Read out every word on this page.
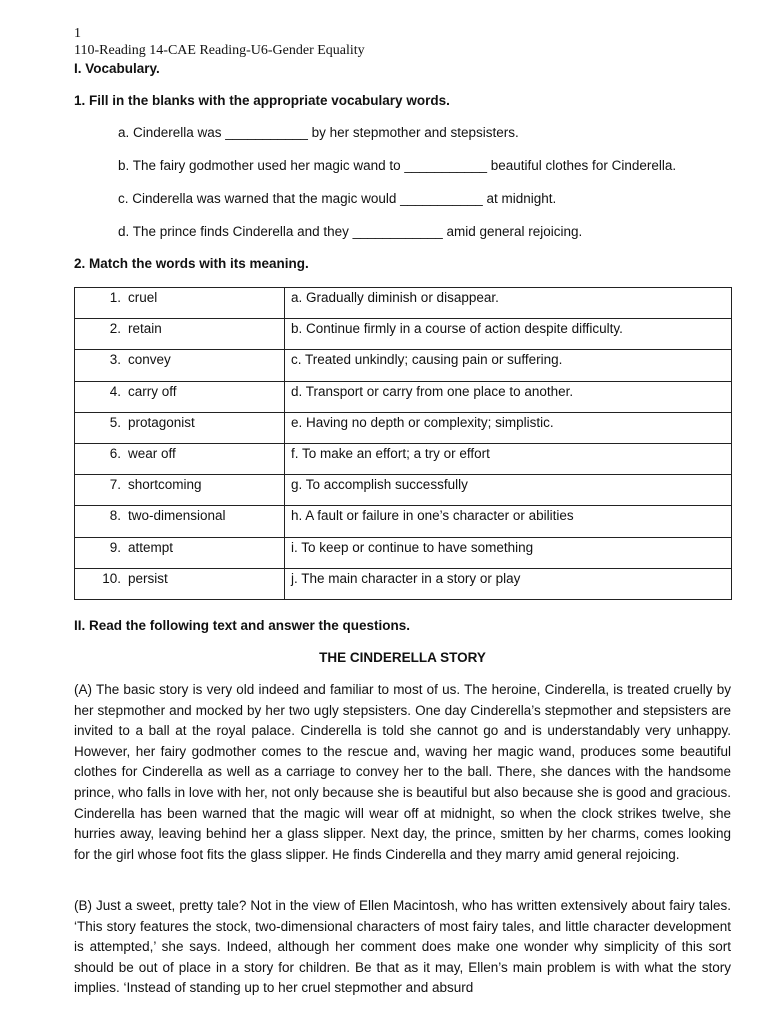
1
110-Reading 14-CAE Reading-U6-Gender Equality
I. Vocabulary.
1. Fill in the blanks with the appropriate vocabulary words.
a. Cinderella was ___________ by her stepmother and stepsisters.
b. The fairy godmother used her magic wand to ___________ beautiful clothes for Cinderella.
c. Cinderella was warned that the magic would ___________ at midnight.
d. The prince finds Cinderella and they ____________ amid general rejoicing.
2. Match the words with its meaning.
1. cruel	a. Gradually diminish or disappear.
2. retain	b. Continue firmly in a course of action despite difficulty.
3. convey	c. Treated unkindly; causing pain or suffering.
4. carry off	d. Transport or carry from one place to another.
5. protagonist	e. Having no depth or complexity; simplistic.
6. wear off	f. To make an effort; a try or effort
7. shortcoming	g. To accomplish successfully
8. two-dimensional	h. A fault or failure in one’s character or abilities
9. attempt	i. To keep or continue to have something
10. persist	j. The main character in a story or play
II. Read the following text and answer the questions.
THE CINDERELLA STORY
(A) The basic story is very old indeed and familiar to most of us. The heroine, Cinderella, is treated cruelly by her stepmother and mocked by her two ugly stepsisters. One day Cinderella’s stepmother and stepsisters are invited to a ball at the royal palace. Cinderella is told she cannot go and is understandably very unhappy. However, her fairy godmother comes to the rescue and, waving her magic wand, produces some beautiful clothes for Cinderella as well as a carriage to convey her to the ball. There, she dances with the handsome prince, who falls in love with her, not only because she is beautiful but also because she is good and gracious. Cinderella has been warned that the magic will wear off at midnight, so when the clock strikes twelve, she hurries away, leaving behind her a glass slipper. Next day, the prince, smitten by her charms, comes looking for the girl whose foot fits the glass slipper. He finds Cinderella and they marry amid general rejoicing.
(B) Just a sweet, pretty tale? Not in the view of Ellen Macintosh, who has written extensively about fairy tales. ‘This story features the stock, two-dimensional characters of most fairy tales, and little character development is attempted,’ she says. Indeed, although her comment does make one wonder why simplicity of this sort should be out of place in a story for children. Be that as it may, Ellen’s main problem is with what the story implies. ‘Instead of standing up to her cruel stepmother and absurd
